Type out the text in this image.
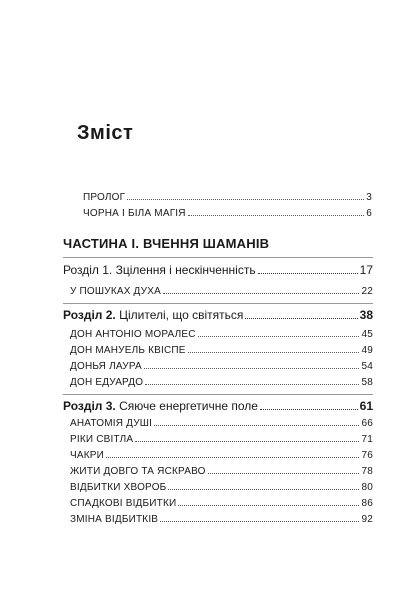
Зміст
ПРОЛОГ	3
ЧОРНА І БІЛА МАГІЯ	6
ЧАСТИНА I. ВЧЕННЯ ШАМАНІВ
Розділ 1. Зцілення і нескінченність	17
У ПОШУКАХ ДУХА	22
Розділ 2. Цілителі, що світяться	38
ДОН АНТОНІО МОРАЛЕС	45
ДОН МАНУЕЛЬ КВІСПЕ	49
ДОНЬЯ ЛАУРА	54
ДОН ЕДУАРДО	58
Розділ 3. Сяюче енергетичне поле	61
АНАТОМІЯ ДУШІ	66
РІКИ СВІТЛА	71
ЧАКРИ	76
ЖИТИ ДОВГО ТА ЯСКРАВО	78
ВІДБИТКИ ХВОРОБ	80
СПАДКОВІ ВІДБИТКИ	86
ЗМІНА ВІДБИТКІВ	92
